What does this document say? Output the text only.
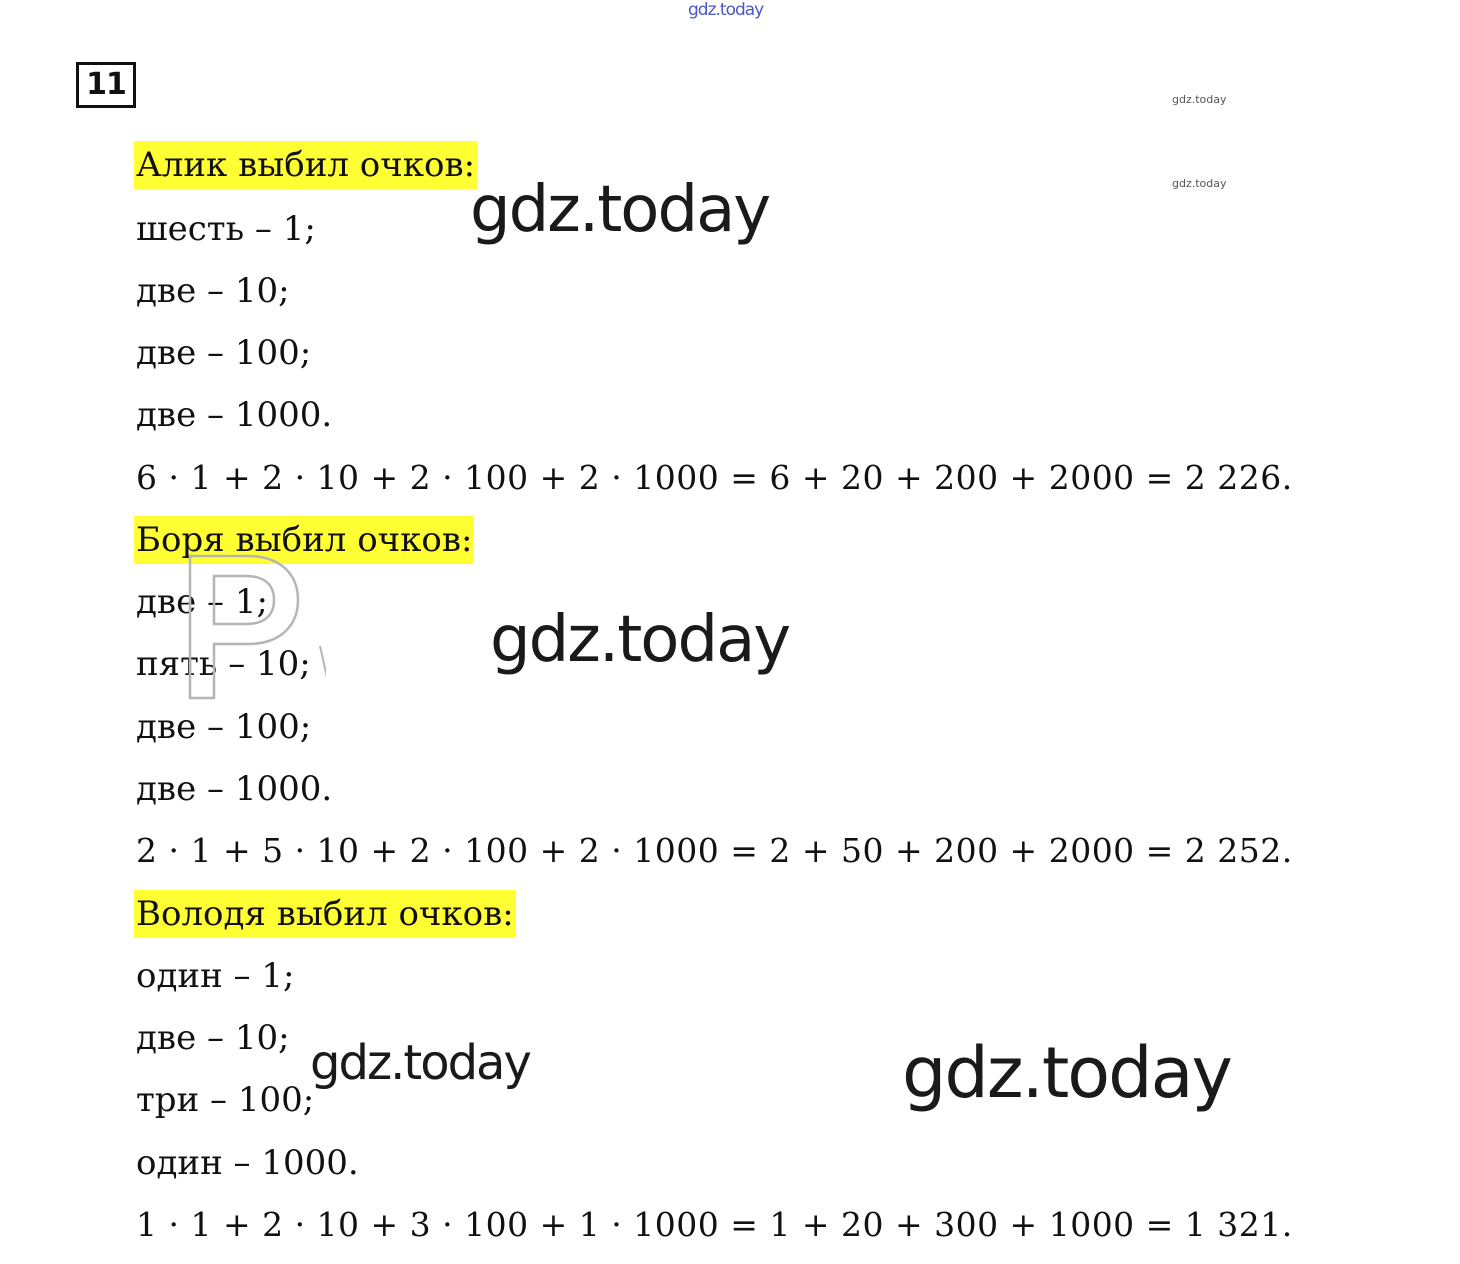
gdz.today
gdz.today
gdz.today
11
Алик выбил очков:
шесть – 1;
две – 10;
две – 100;
две – 1000.
6 · 1 + 2 · 10 + 2 · 100 + 2 · 1000 = 6 + 20 + 200 + 2000 = 2 226.
Боря выбил очков:
две – 1;
пять – 10;
две – 100;
две – 1000.
2 · 1 + 5 · 10 + 2 · 100 + 2 · 1000 = 2 + 50 + 200 + 2000 = 2 252.
Володя выбил очков:
один – 1;
две – 10;
три – 100;
один – 1000.
1 · 1 + 2 · 10 + 3 · 100 + 1 · 1000 = 1 + 20 + 300 + 1000 = 1 321.
gdz.today
gdz.today
gdz.today	gdz.today
